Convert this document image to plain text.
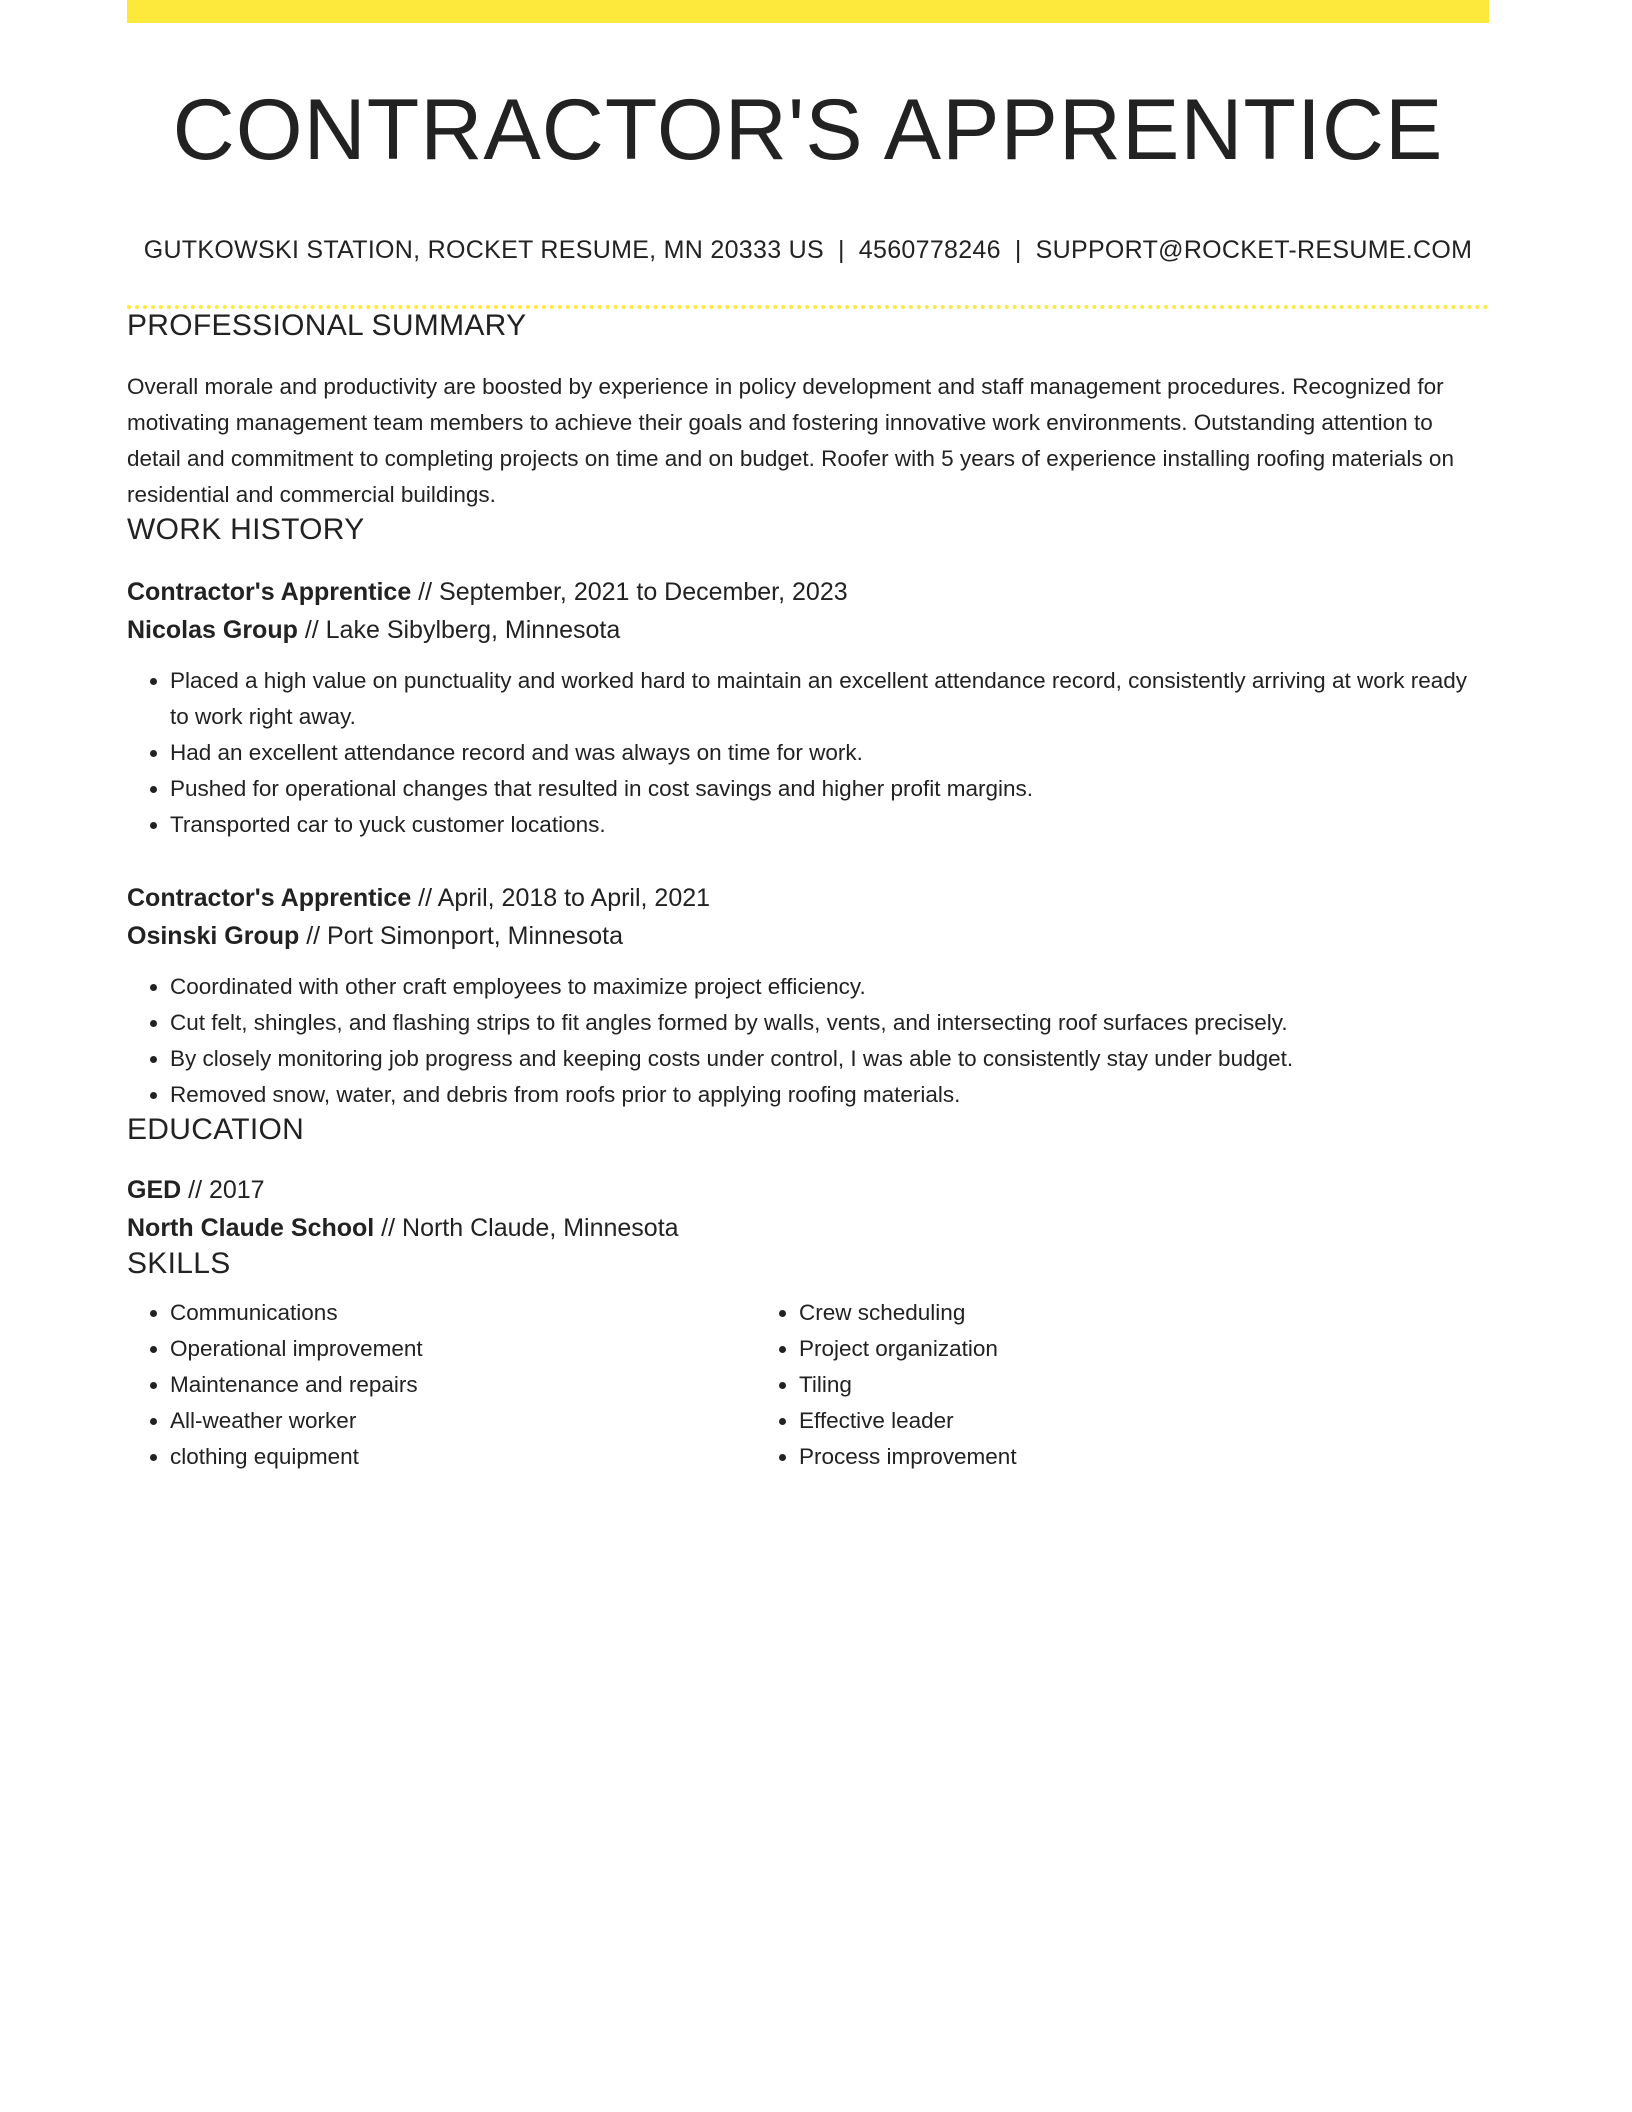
CONTRACTOR'S APPRENTICE
GUTKOWSKI STATION, ROCKET RESUME, MN 20333 US | 4560778246 | SUPPORT@ROCKET-RESUME.COM
PROFESSIONAL SUMMARY

Overall morale and productivity are boosted by experience in policy development and staff management procedures. Recognized for motivating management team members to achieve their goals and fostering innovative work environments. Outstanding attention to detail and commitment to completing projects on time and on budget. Roofer with 5 years of experience installing roofing materials on residential and commercial buildings.

WORK HISTORY
Contractor's Apprentice // September, 2021 to December, 2023
Nicolas Group // Lake Sibylberg, Minnesota
• Placed a high value on punctuality and worked hard to maintain an excellent attendance record, consistently arriving at work ready to work right away.
• Had an excellent attendance record and was always on time for work.
• Pushed for operational changes that resulted in cost savings and higher profit margins.
• Transported car to yuck customer locations.
Contractor's Apprentice // April, 2018 to April, 2021
Osinski Group // Port Simonport, Minnesota
• Coordinated with other craft employees to maximize project efficiency.
• Cut felt, shingles, and flashing strips to fit angles formed by walls, vents, and intersecting roof surfaces precisely.
• By closely monitoring job progress and keeping costs under control, I was able to consistently stay under budget.
• Removed snow, water, and debris from roofs prior to applying roofing materials.
EDUCATION
GED // 2017
North Claude School // North Claude, Minnesota
SKILLS
• Communications
• Operational improvement
• Maintenance and repairs
• All-weather worker
• clothing equipment
• Crew scheduling
• Project organization
• Tiling
• Effective leader
• Process improvement
